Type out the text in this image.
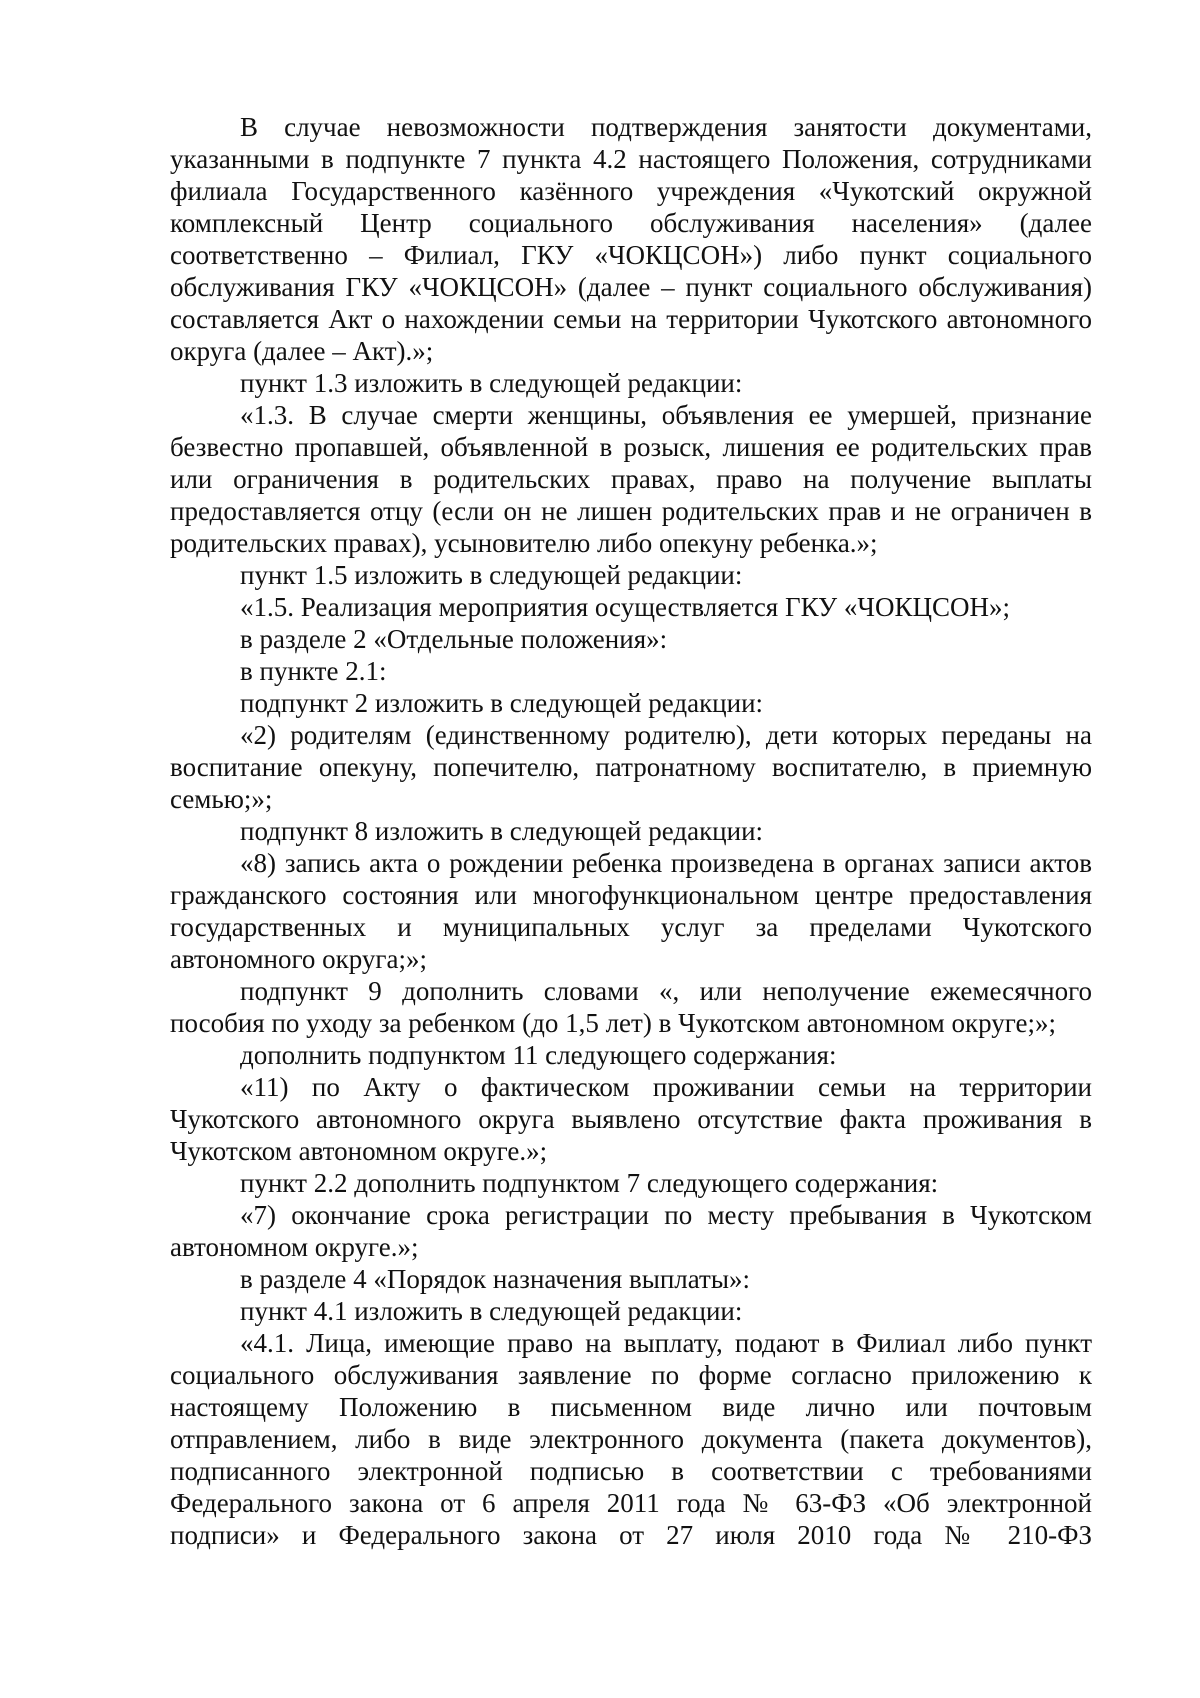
В случае невозможности подтверждения занятости документами, указанными в подпункте 7 пункта 4.2 настоящего Положения, сотрудниками филиала Государственного казённого учреждения «Чукотский окружной комплексный Центр социального обслуживания населения» (далее соответственно – Филиал, ГКУ «ЧОКЦСОН») либо пункт социального обслуживания ГКУ «ЧОКЦСОН» (далее – пункт социального обслуживания) составляется Акт о нахождении семьи на территории Чукотского автономного округа (далее – Акт).»;

пункт 1.3 изложить в следующей редакции:

«1.3. В случае смерти женщины, объявления ее умершей, признание безвестно пропавшей, объявленной в розыск, лишения ее родительских прав или ограничения в родительских правах, право на получение выплаты предоставляется отцу (если он не лишен родительских прав и не ограничен в родительских правах), усыновителю либо опекуну ребенка.»;

пункт 1.5 изложить в следующей редакции:

«1.5. Реализация мероприятия осуществляется ГКУ «ЧОКЦСОН»;

в разделе 2 «Отдельные положения»:

в пункте 2.1:

подпункт 2 изложить в следующей редакции:

«2) родителям (единственному родителю), дети которых переданы на воспитание опекуну, попечителю, патронатному воспитателю, в приемную семью;»;

подпункт 8 изложить в следующей редакции:

«8) запись акта о рождении ребенка произведена в органах записи актов гражданского состояния или многофункциональном центре предоставления государственных и муниципальных услуг за пределами Чукотского автономного округа;»;

подпункт 9 дополнить словами «, или неполучение ежемесячного пособия по уходу за ребенком (до 1,5 лет) в Чукотском автономном округе;»;

дополнить подпунктом 11 следующего содержания:

«11) по Акту о фактическом проживании семьи на территории Чукотского автономного округа выявлено отсутствие факта проживания в Чукотском автономном округе.»;

пункт 2.2 дополнить подпунктом 7 следующего содержания:

«7) окончание срока регистрации по месту пребывания в Чукотском автономном округе.»;

в разделе 4 «Порядок назначения выплаты»:

пункт 4.1 изложить в следующей редакции:

«4.1. Лица, имеющие право на выплату, подают в Филиал либо пункт социального обслуживания заявление по форме согласно приложению к настоящему Положению в письменном виде лично или почтовым отправлением, либо в виде электронного документа (пакета документов), подписанного электронной подписью в соответствии с требованиями Федерального закона от 6 апреля 2011 года № 63-ФЗ «Об электронной подписи» и Федерального закона от 27 июля 2010 года № 210-ФЗ
